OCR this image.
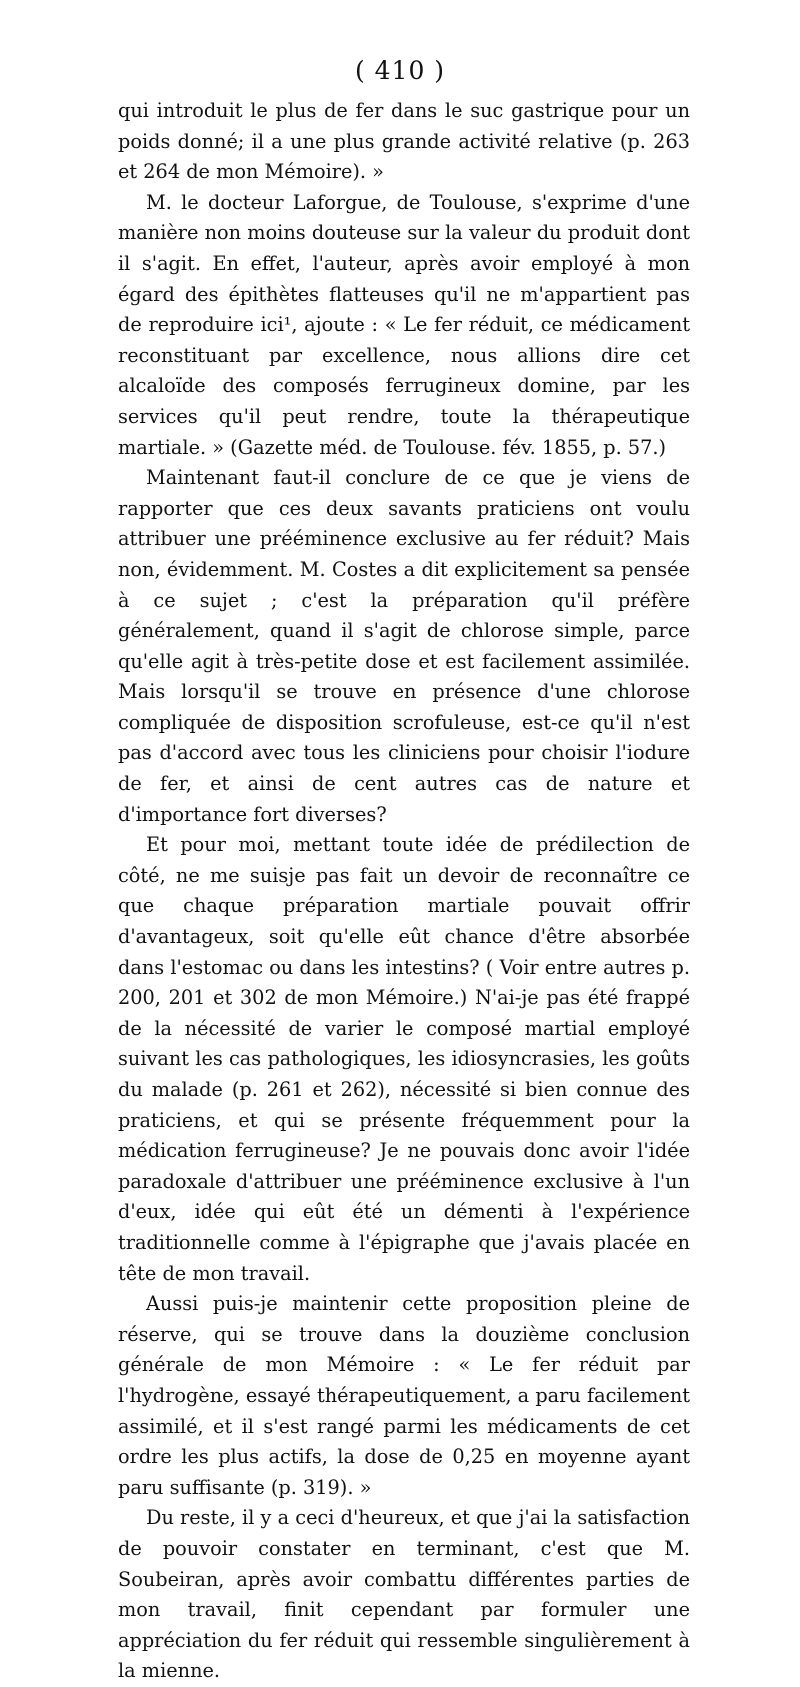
( 410 )

qui introduit le plus de fer dans le suc gastrique pour un poids donné; il a une plus grande activité relative (p. 263 et 264 de mon Mémoire). »

M. le docteur Laforgue, de Toulouse, s'exprime d'une manière non moins douteuse sur la valeur du produit dont il s'agit. En effet, l'auteur, après avoir employé à mon égard des épithètes flatteuses qu'il ne m'appartient pas de reproduire ici¹, ajoute : « Le fer réduit, ce médicament reconstituant par excellence, nous allions dire cet alcaloïde des composés ferrugineux domine, par les services qu'il peut rendre, toute la thérapeutique martiale. » (Gazette méd. de Toulouse. fév. 1855, p. 57.)

Maintenant faut-il conclure de ce que je viens de rapporter que ces deux savants praticiens ont voulu attribuer une prééminence exclusive au fer réduit? Mais non, évidemment. M. Costes a dit explicitement sa pensée à ce sujet ; c'est la préparation qu'il préfère généralement, quand il s'agit de chlorose simple, parce qu'elle agit à très-petite dose et est facilement assimilée. Mais lorsqu'il se trouve en présence d'une chlorose compliquée de disposition scrofuleuse, est-ce qu'il n'est pas d'accord avec tous les cliniciens pour choisir l'iodure de fer, et ainsi de cent autres cas de nature et d'importance fort diverses?

Et pour moi, mettant toute idée de prédilection de côté, ne me suisje pas fait un devoir de reconnaître ce que chaque préparation martiale pouvait offrir d'avantageux, soit qu'elle eût chance d'être absorbée dans l'estomac ou dans les intestins? ( Voir entre autres p. 200, 201 et 302 de mon Mémoire.) N'ai-je pas été frappé de la nécessité de varier le composé martial employé suivant les cas pathologiques, les idiosyncrasies, les goûts du malade (p. 261 et 262), nécessité si bien connue des praticiens, et qui se présente fréquemment pour la médication ferrugineuse? Je ne pouvais donc avoir l'idée paradoxale d'attribuer une prééminence exclusive à l'un d'eux, idée qui eût été un démenti à l'expérience traditionnelle comme à l'épigraphe que j'avais placée en tête de mon travail.

Aussi puis-je maintenir cette proposition pleine de réserve, qui se trouve dans la douzième conclusion générale de mon Mémoire : « Le fer réduit par l'hydrogène, essayé thérapeutiquement, a paru facilement assimilé, et il s'est rangé parmi les médicaments de cet ordre les plus actifs, la dose de 0,25 en moyenne ayant paru suffisante (p. 319). »

Du reste, il y a ceci d'heureux, et que j'ai la satisfaction de pouvoir constater en terminant, c'est que M. Soubeiran, après avoir combattu différentes parties de mon travail, finit cependant par formuler une appréciation du fer réduit qui ressemble singulièrement à la mienne.
